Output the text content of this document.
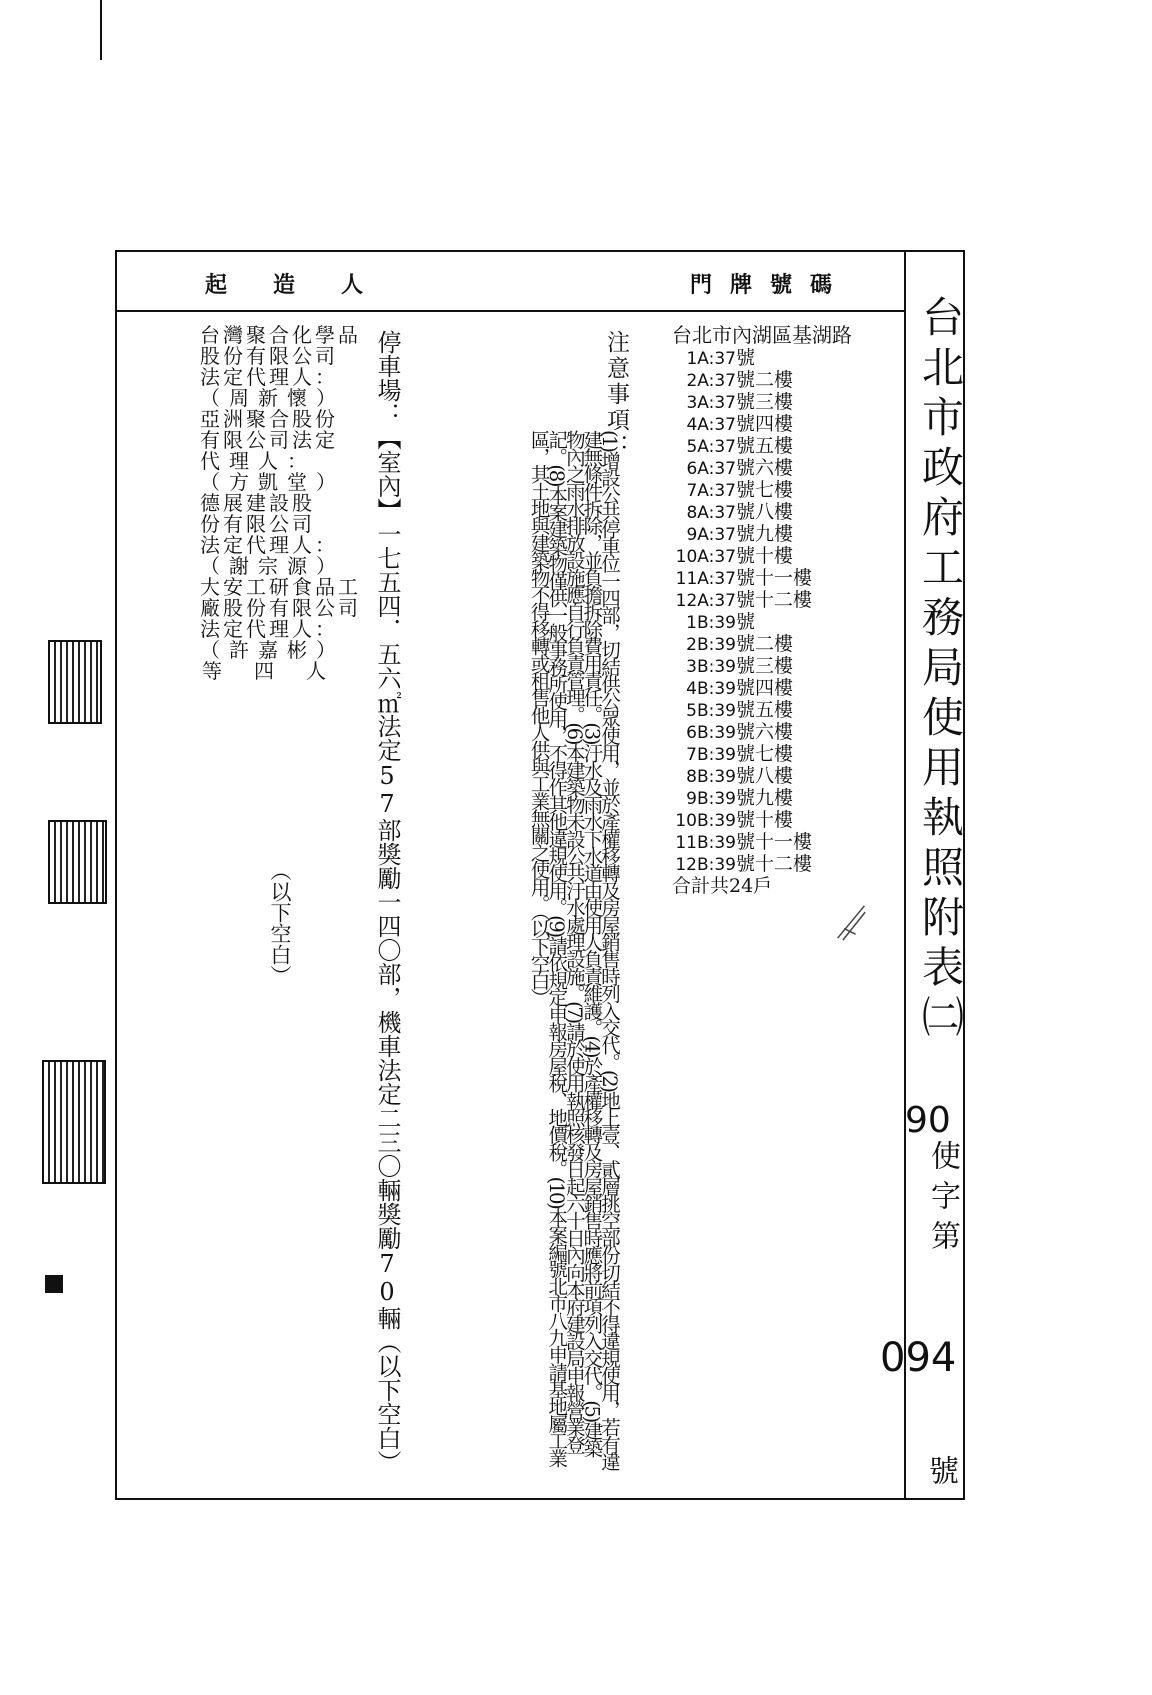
起造人	門牌號碼
台北市政府工務局使用執照附表㈡
90
使字第
094
號
台北市內湖區基湖路
1A:37號
2A:37號二樓
3A:37號三樓
4A:37號四樓
5A:37號五樓
6A:37號六樓
7A:37號七樓
8A:37號八樓
9A:37號九樓
10A:37號十樓
11A:37號十一樓
12A:37號十二樓
1B:39號
2B:39號二樓
3B:39號三樓
4B:39號四樓
5B:39號五樓
6B:39號六樓
7B:39號七樓
8B:39號八樓
9B:39號九樓
10B:39號十樓
11B:39號十一樓
12B:39號十二樓
合計共24戶
注意事項：
(1)增設公共停車位一四部，切結供公眾使用，並於產權移轉及房屋銷售時列入交代。(2)地上壹、貳層挑空部份切結不得違規使用，若有違建無條件拆除，並負擔拆除費用責任。(3)汙水及雨水下水道由使用人負責維護。(4)於產權移轉及房屋銷售時應將前項列入交代。(5)建築物內之雨水排放設施應自行負責管理。(6)本建築物未設公共汙水處理設施。(7)請於使用執照核發日起六十日內向本府建設局申報營業登記。(8)本案建築物僅供一般事務所使用，不得作其他違規使用。(9)請依規定申報房屋稅、地價稅。(10)本案編號北市八九申請基地屬工業區，其土地與建築物不得移轉或租售他人供與工業無關之使用。（以下空白）
停車場：【室內】一七五四．五六㎡法定57部獎勵一四〇部，機車法定二三〇輛獎勵70輛（以下空白）
台灣聚合化學品
股份有限公司
法定代理人：
（周新懷）
亞洲聚合股份
有限公司法定
代理人：
（方凱堂）
德展建設股
份有限公司
法定代理人：
（謝宗源）
大安工研食品工
廠股份有限公司
法定代理人：
（許嘉彬）
等四人
（以下空白）
